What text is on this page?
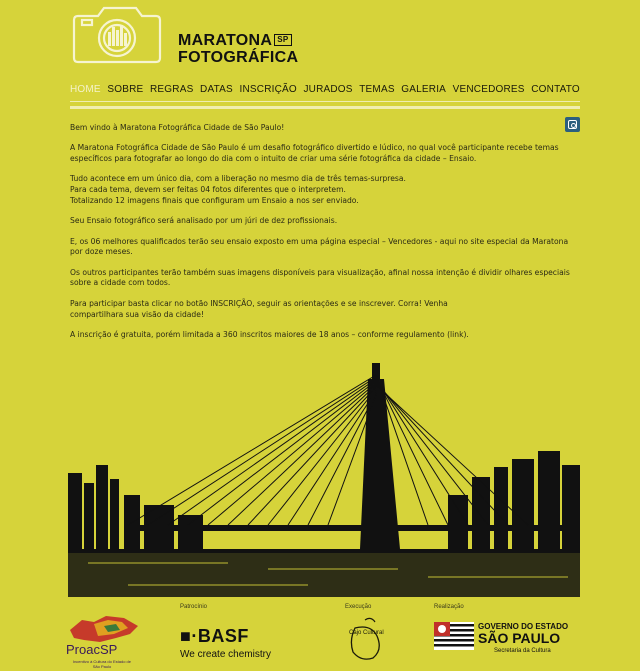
MARATONA SP
FOTOGRÁFICA
HOME SOBRE REGRAS DATAS INSCRIÇÃO JURADOS TEMAS GALERIA VENCEDORES CONTATO

Bem vindo à Maratona Fotográfica Cidade de São Paulo!

A Maratona Fotográfica Cidade de São Paulo é um desafio fotográfico divertido e lúdico, no qual você participante recebe temas específicos para fotografar ao longo do dia com o intuito de criar uma série fotográfica da cidade – Ensaio.

Tudo acontece em um único dia, com a liberação no mesmo dia de três temas-surpresa.
Para cada tema, devem ser feitas 04 fotos diferentes que o interpretem.
Totalizando 12 imagens finais que configuram um Ensaio a nos ser enviado.

Seu Ensaio fotográfico será analisado por um júri de dez profissionais.

E, os 06 melhores qualificados terão seu ensaio exposto em uma página especial – Vencedores - aqui no site especial da Maratona por doze meses.

Os outros participantes terão também suas imagens disponíveis para visualização, afinal nossa intenção é dividir olhares especiais sobre a cidade com todos.

Para participar basta clicar no botão INSCRIÇÃO, seguir as orientações e se inscrever. Corra! Venha
compartilhara sua visão da cidade!

A inscrição é gratuita, porém limitada a 360 inscritos maiores de 18 anos – conforme regulamento (link).

Patrocínio	Execução	Realização
ProacSP
Incentivo à Cultura do Estado de São Paulo
■·BASF
We create chemistry
Cajo Cultural
GOVERNO DO ESTADO
SÃO PAULO
Secretaria da Cultura
